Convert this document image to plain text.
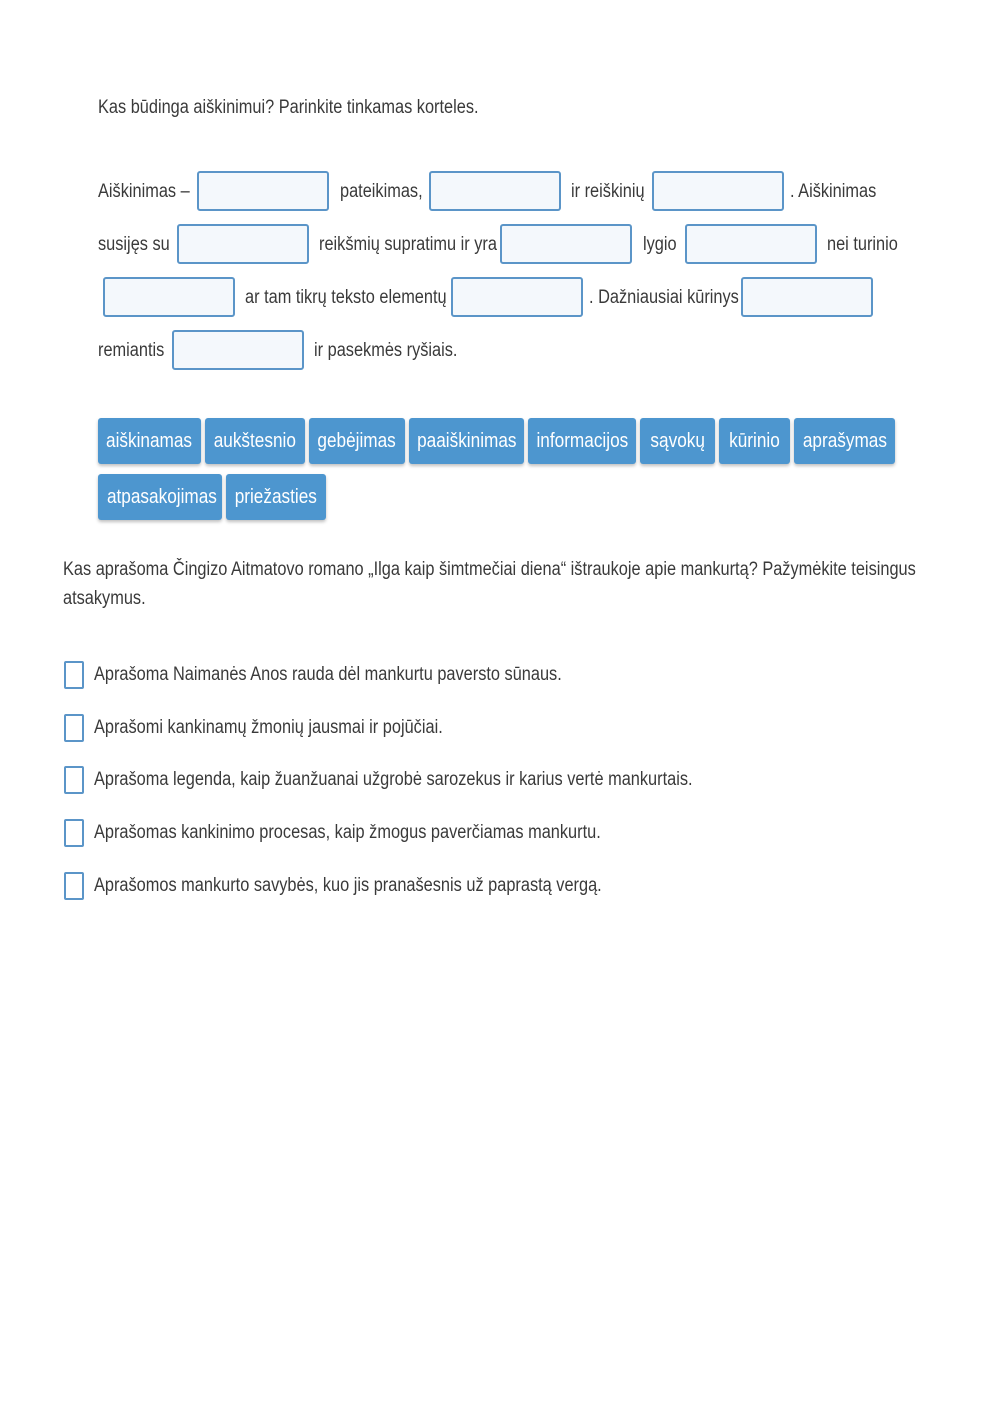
Kas būdinga aiškinimui? Parinkite tinkamas korteles.
Aiškinimas –	pateikimas,	ir reiškinių	. Aiškinimas
susijęs su	reikšmių supratimu ir yra	lygio	nei turinio
ar tam tikrų teksto elementų	. Dažniausiai kūrinys
remiantis	ir pasekmės ryšiais.
aiškinamas	aukštesnio	gebėjimas	paaiškinimas informacijos	sąvokų	kūrinio	aprašymas
atpasakojimas priežasties
Kas aprašoma Čingizo Aitmatovo romano „Ilga kaip šimtmečiai diena“ ištraukoje apie mankurtą? Pažymėkite teisingus
atsakymus.
Aprašoma Naimanės Anos rauda dėl mankurtu paversto sūnaus.
Aprašomi kankinamų žmonių jausmai ir pojūčiai.
Aprašoma legenda, kaip žuanžuanai užgrobė sarozekus ir karius vertė mankurtais.
Aprašomas kankinimo procesas, kaip žmogus paverčiamas mankurtu.
Aprašomos mankurto savybės, kuo jis pranašesnis už paprastą vergą.
